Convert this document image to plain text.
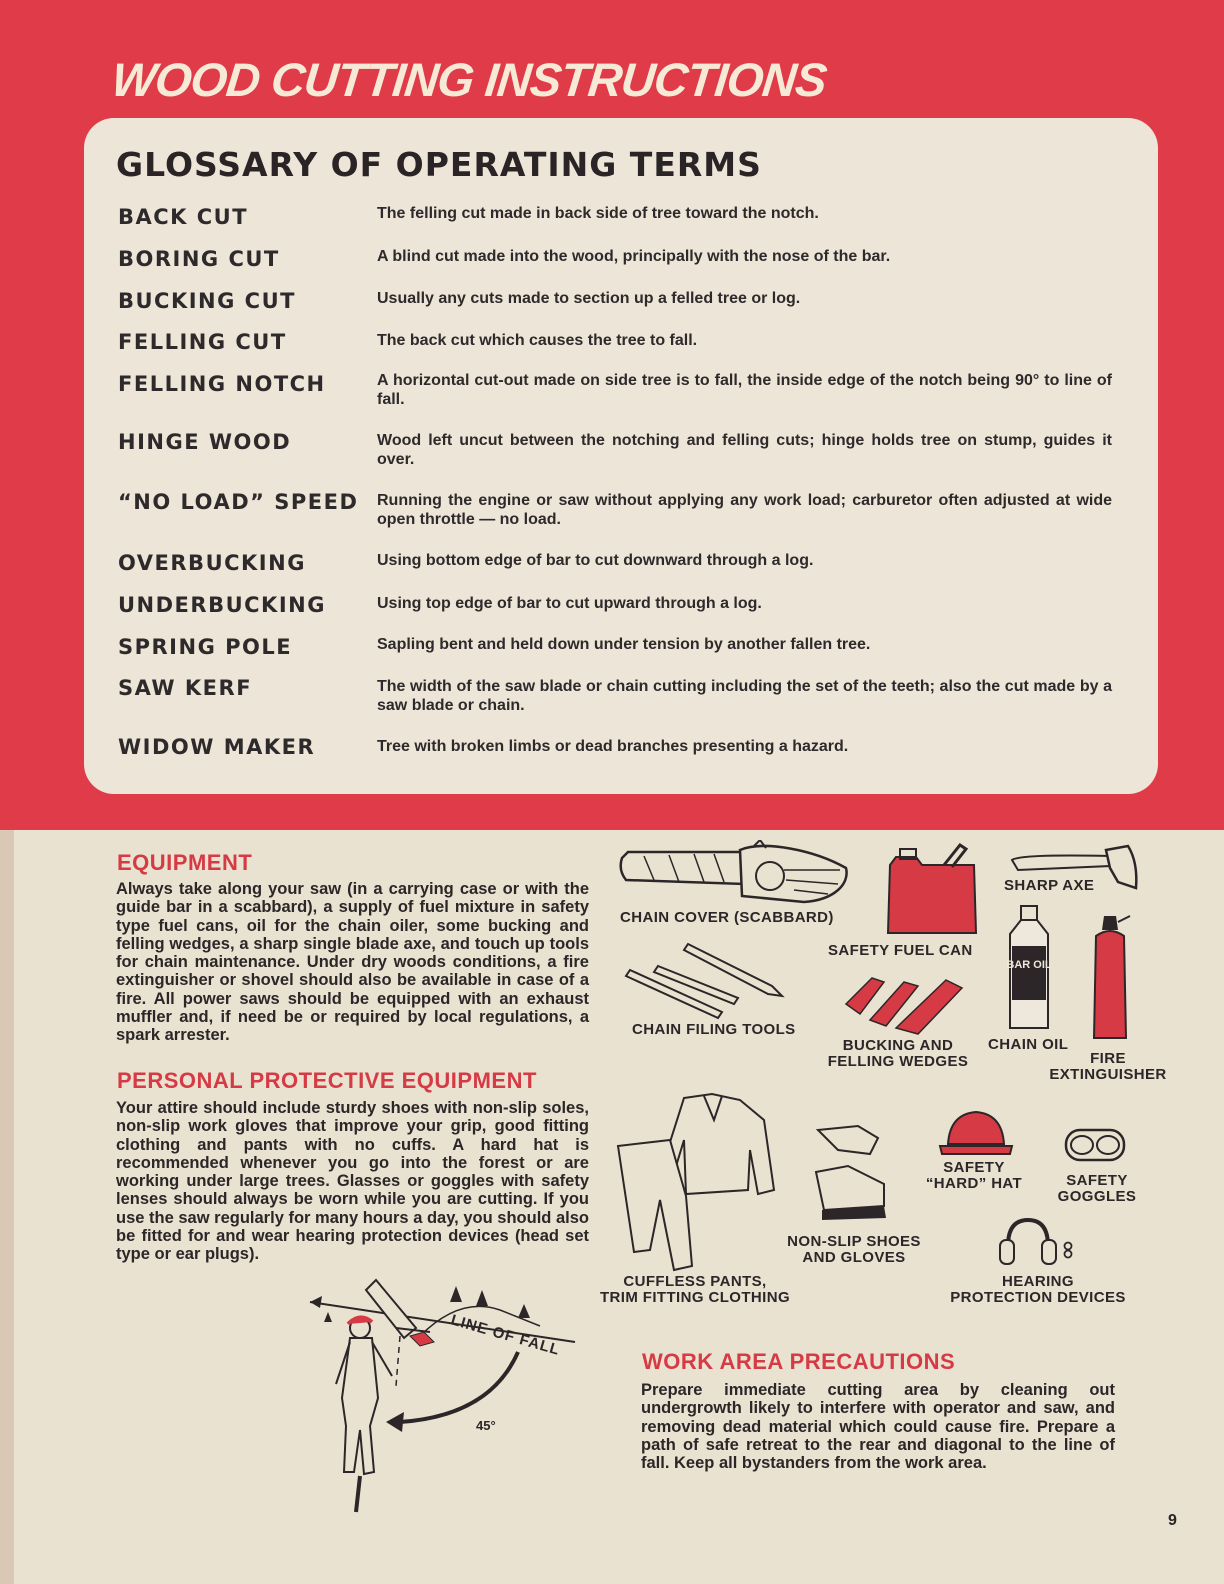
WOOD CUTTING INSTRUCTIONS
GLOSSARY OF OPERATING TERMS
BACK CUT	The felling cut made in back side of tree toward the notch.
BORING CUT	A blind cut made into the wood, principally with the nose of the bar.
BUCKING CUT	Usually any cuts made to section up a felled tree or log.
FELLING CUT	The back cut which causes the tree to fall.
FELLING NOTCH	A horizontal cut-out made on side tree is to fall, the inside edge of the notch being 90° to line of fall.
HINGE WOOD	Wood left uncut between the notching and felling cuts; hinge holds tree on stump, guides it over.
“NO LOAD” SPEED	Running the engine or saw without applying any work load; carburetor often adjusted at wide open throttle — no load.
OVERBUCKING	Using bottom edge of bar to cut downward through a log.
UNDERBUCKING	Using top edge of bar to cut upward through a log.
SPRING POLE	Sapling bent and held down under tension by another fallen tree.
SAW KERF	The width of the saw blade or chain cutting including the set of the teeth; also the cut made by a saw blade or chain.
WIDOW MAKER	Tree with broken limbs or dead branches presenting a hazard.
EQUIPMENT
Always take along your saw (in a carrying case or with the guide bar in a scabbard), a supply of fuel mixture in safety type fuel cans, oil for the chain oiler, some bucking and felling wedges, a sharp single blade axe, and touch up tools for chain maintenance. Under dry woods conditions, a fire extinguisher or shovel should also be available in case of a fire. All power saws should be equipped with an exhaust muffler and, if need be or required by local regulations, a spark arrester.
PERSONAL PROTECTIVE EQUIPMENT
Your attire should include sturdy shoes with non-slip soles, non-slip work gloves that improve your grip, good fitting clothing and pants with no cuffs. A hard hat is recommended whenever you go into the forest or are working under large trees. Glasses or goggles with safety lenses should always be worn while you are cutting. If you use the saw regularly for many hours a day, you should also be fitted for and wear hearing protection devices (head set type or ear plugs).
CHAIN COVER (SCABBARD)
SAFETY FUEL CAN
SHARP AXE
CHAIN FILING TOOLS
BUCKING AND
FELLING WEDGES
BAR OIL
CHAIN OIL
FIRE
EXTINGUISHER
CUFFLESS PANTS,
TRIM FITTING CLOTHING
NON-SLIP SHOES
AND GLOVES
SAFETY
“HARD” HAT	SAFETY
GOGGLES
HEARING
PROTECTION DEVICES
LINE OF FALL
45°
WORK AREA PRECAUTIONS
Prepare immediate cutting area by cleaning out undergrowth likely to interfere with operator and saw, and removing dead material which could cause fire. Prepare a path of safe retreat to the rear and diagonal to the line of fall. Keep all bystanders from the work area.
9
